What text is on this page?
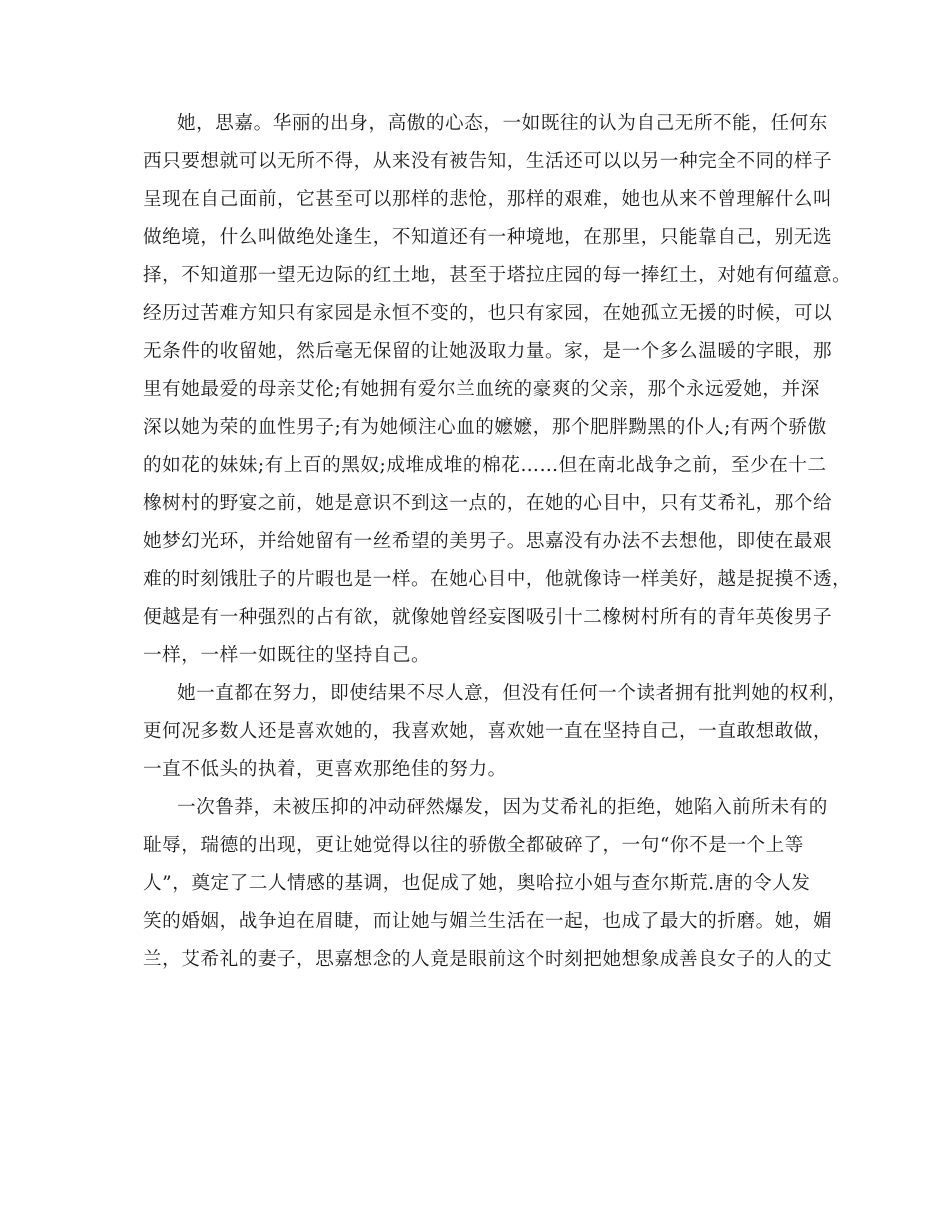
她，思嘉。华丽的出身，高傲的心态，一如既往的认为自己无所不能，任何东
西只要想就可以无所不得，从来没有被告知，生活还可以以另一种完全不同的样子
呈现在自己面前，它甚至可以那样的悲怆，那样的艰难，她也从来不曾理解什么叫
做绝境，什么叫做绝处逢生，不知道还有一种境地，在那里，只能靠自己，别无选
择，不知道那一望无边际的红土地，甚至于塔拉庄园的每一捧红土，对她有何蕴意。
经历过苦难方知只有家园是永恒不变的，也只有家园，在她孤立无援的时候，可以
无条件的收留她，然后毫无保留的让她汲取力量。家，是一个多么温暖的字眼，那
里有她最爱的母亲艾伦;有她拥有爱尔兰血统的豪爽的父亲，那个永远爱她，并深
深以她为荣的血性男子;有为她倾注心血的嬷嬷，那个肥胖黝黑的仆人;有两个骄傲
的如花的妹妹;有上百的黑奴;成堆成堆的棉花……但在南北战争之前，至少在十二
橡树村的野宴之前，她是意识不到这一点的，在她的心目中，只有艾希礼，那个给
她梦幻光环，并给她留有一丝希望的美男子。思嘉没有办法不去想他，即使在最艰
难的时刻饿肚子的片暇也是一样。在她心目中，他就像诗一样美好，越是捉摸不透，
便越是有一种强烈的占有欲，就像她曾经妄图吸引十二橡树村所有的青年英俊男子
一样，一样一如既往的坚持自己。
她一直都在努力，即使结果不尽人意，但没有任何一个读者拥有批判她的权利，
更何况多数人还是喜欢她的，我喜欢她，喜欢她一直在坚持自己，一直敢想敢做，
一直不低头的执着，更喜欢那绝佳的努力。
一次鲁莽，未被压抑的冲动砰然爆发，因为艾希礼的拒绝，她陷入前所未有的
耻辱，瑞德的出现，更让她觉得以往的骄傲全都破碎了，一句“你不是一个上等
人”，奠定了二人情感的基调，也促成了她，奥哈拉小姐与查尔斯荒.唐的令人发
笑的婚姻，战争迫在眉睫，而让她与媚兰生活在一起，也成了最大的折磨。她，媚
兰，艾希礼的妻子，思嘉想念的人竟是眼前这个时刻把她想象成善良女子的人的丈
